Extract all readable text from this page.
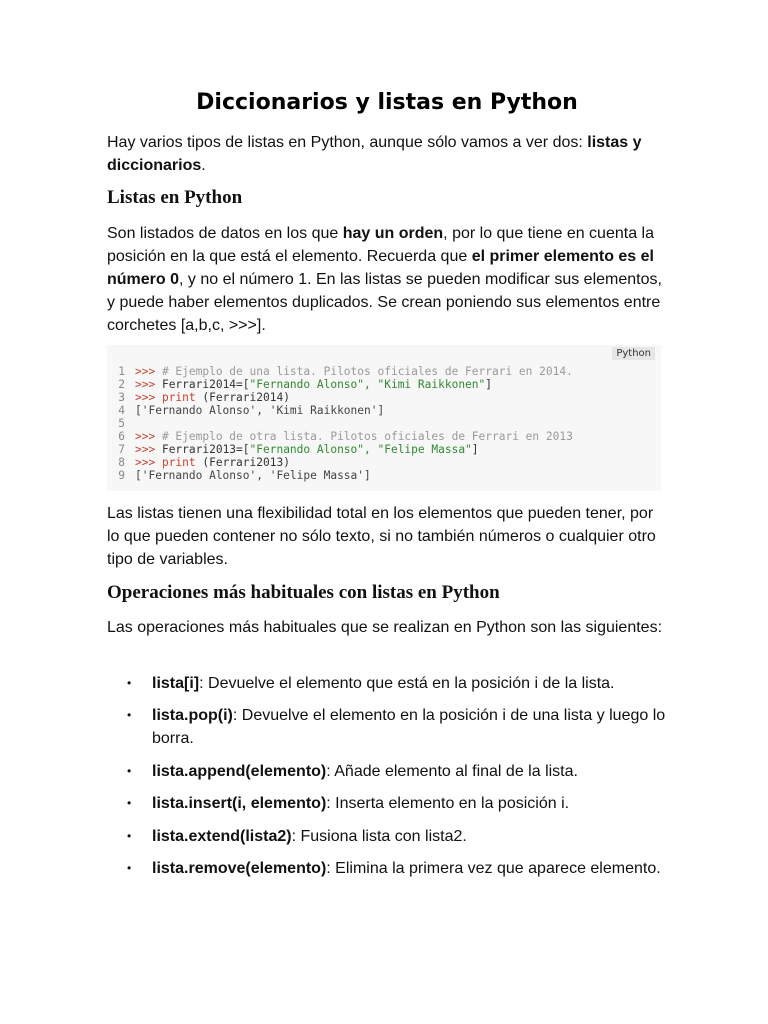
Diccionarios y listas en Python

Hay varios tipos de listas en Python, aunque sólo vamos a ver dos: listas y diccionarios.

Listas en Python

Son listados de datos en los que hay un orden, por lo que tiene en cuenta la posición en la que está el elemento. Recuerda que el primer elemento es el número 0, y no el número 1. En las listas se pueden modificar sus elementos, y puede haber elementos duplicados. Se crean poniendo sus elementos entre corchetes [a,b,c, >>>].

Python
1 >>> # Ejemplo de una lista. Pilotos oficiales de Ferrari en 2014.
2 >>> Ferrari2014=["Fernando Alonso", "Kimi Raikkonen"]
3 >>> print (Ferrari2014)
4 ['Fernando Alonso', 'Kimi Raikkonen']
5
6 >>> # Ejemplo de otra lista. Pilotos oficiales de Ferrari en 2013
7 >>> Ferrari2013=["Fernando Alonso", "Felipe Massa"]
8 >>> print (Ferrari2013)
9 ['Fernando Alonso', 'Felipe Massa']

Las listas tienen una flexibilidad total en los elementos que pueden tener, por lo que pueden contener no sólo texto, si no también números o cualquier otro tipo de variables.

Operaciones más habituales con listas en Python

Las operaciones más habituales que se realizan en Python son las siguientes:

• lista[i]: Devuelve el elemento que está en la posición i de la lista.
• lista.pop(i): Devuelve el elemento en la posición i de una lista y luego lo borra.
• lista.append(elemento): Añade elemento al final de la lista.
• lista.insert(i, elemento): Inserta elemento en la posición i.
• lista.extend(lista2): Fusiona lista con lista2.
• lista.remove(elemento): Elimina la primera vez que aparece elemento.
